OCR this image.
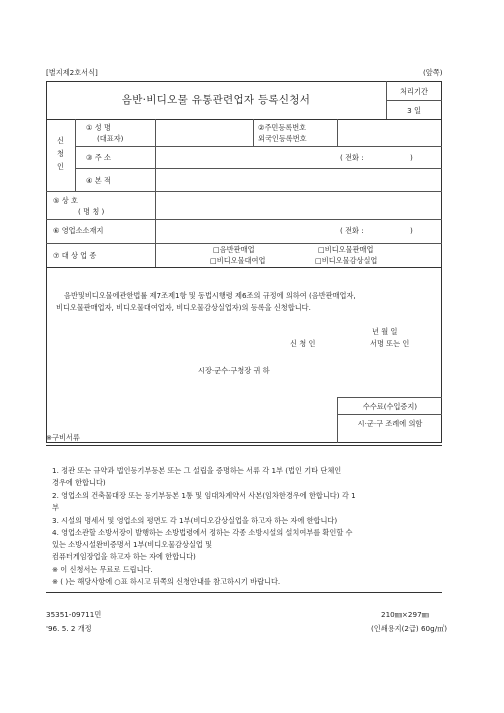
[별지제2호서식]	(앞쪽)
음반·비디오물 유통관련업자 등록신청서
처리기간
3 일
신
청
인
① 성 명
(대표자)
②주민등록번호
외국인등록번호
③ 주 소	( 전화 :	)
④ 본 적
⑤ 상 호
( 명 칭 )
⑥ 영업소소재지	( 전화 :	)
⑦ 대 상 업 종
□음반판매업	□비디오물판매업
□비디오물대여업	□비디오물감상실업
음반및비디오물에관한법률 제7조제1항 및 동법시행령 제6조의 규정에 의하여 (음반판매업자,
비디오물판매업자, 비디오물대여업자, 비디오물감상실업자)의 등록을 신청합니다.
년 월 일
신 청 인	서명 또는 인
시장·군수·구청장 귀 하
수수료(수입증지)
시·군·구 조례에 의함
※구비서류
1. 정관 또는 규약과 법인등기부등본 또는 그 설립을 증명하는 서류 각 1부 (법인 기타 단체인
경우에 한합니다)
2. 영업소의 건축물대장 또는 등기부등본 1통 및 임대차계약서 사본(임차한경우에 한합니다) 각 1
부
3. 시설의 명세서 및 영업소의 평면도 각 1부(비디오감상실업을 하고자 하는 자에 한합니다)
4. 영업소관할 소방서장이 발행하는 소방법령에서 정하는 각종 소방시설의 설치여부를 확인할 수
있는 소방시설완비증명서 1부(비디오물감상실업 및
컴퓨터게임장업을 하고자 하는 자에 한합니다)
※ 이 신청서는 무료로 드립니다.
※ ( )는 해당사항에 ○표 하시고 뒤쪽의 신청안내를 참고하시기 바랍니다.
35351-09711민
'96. 5. 2 개정
210㎜×297㎜
(인쇄용지(2급) 60g/㎡)
